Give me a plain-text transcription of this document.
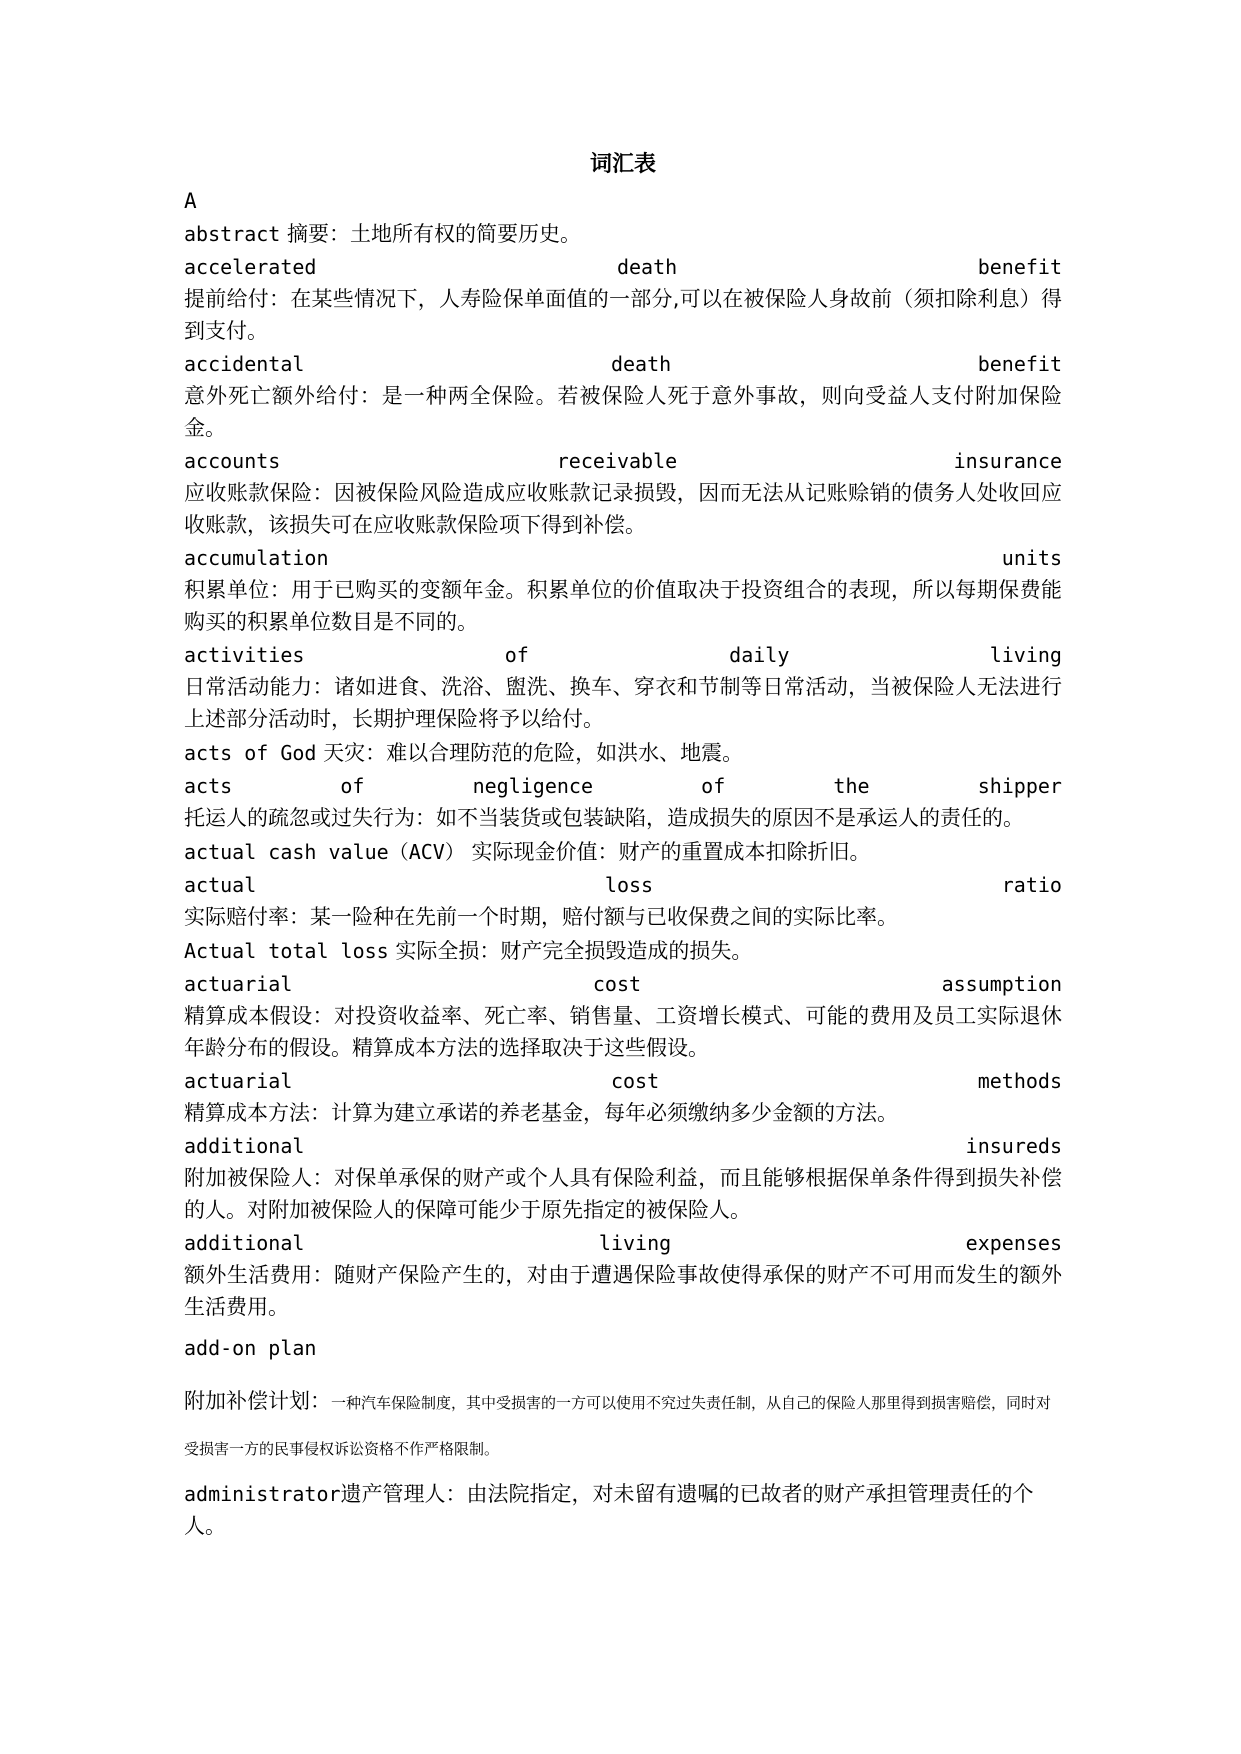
词汇表
A
abstract 摘要：土地所有权的简要历史。
accelerated	death	benefit
提前给付：在某些情况下，人寿险保单面值的一部分,可以在被保险人身故前（须扣除利息）得到支付。
accidental	death	benefit
意外死亡额外给付：是一种两全保险。若被保险人死于意外事故，则向受益人支付附加保险金。
accounts	receivable	insurance
应收账款保险：因被保险风险造成应收账款记录损毁，因而无法从记账赊销的债务人处收回应收账款，该损失可在应收账款保险项下得到补偿。
accumulation	units
积累单位：用于已购买的变额年金。积累单位的价值取决于投资组合的表现，所以每期保费能购买的积累单位数目是不同的。
activities	of	daily	living
日常活动能力：诸如进食、洗浴、盥洗、换车、穿衣和节制等日常活动，当被保险人无法进行上述部分活动时，长期护理保险将予以给付。
acts of God 天灾：难以合理防范的危险，如洪水、地震。
acts	of	negligence	of	the	shipper
托运人的疏忽或过失行为：如不当装货或包装缺陷，造成损失的原因不是承运人的责任的。
actual cash value（ACV） 实际现金价值：财产的重置成本扣除折旧。
actual	loss	ratio
实际赔付率：某一险种在先前一个时期，赔付额与已收保费之间的实际比率。
Actual total loss 实际全损：财产完全损毁造成的损失。
actuarial	cost	assumption
精算成本假设：对投资收益率、死亡率、销售量、工资增长模式、可能的费用及员工实际退休年龄分布的假设。精算成本方法的选择取决于这些假设。
actuarial	cost	methods
精算成本方法：计算为建立承诺的养老基金，每年必须缴纳多少金额的方法。
additional	insureds
附加被保险人：对保单承保的财产或个人具有保险利益，而且能够根据保单条件得到损失补偿的人。对附加被保险人的保障可能少于原先指定的被保险人。
additional	living	expenses
额外生活费用：随财产保险产生的，对由于遭遇保险事故使得承保的财产不可用而发生的额外生活费用。
add-on plan
附加补偿计划：一种汽车保险制度，其中受损害的一方可以使用不究过失责任制，从自己的保险人那里得到损害赔偿，同时对受损害一方的民事侵权诉讼资格不作严格限制。
administrator遗产管理人：由法院指定，对未留有遗嘱的已故者的财产承担管理责任的个人。
